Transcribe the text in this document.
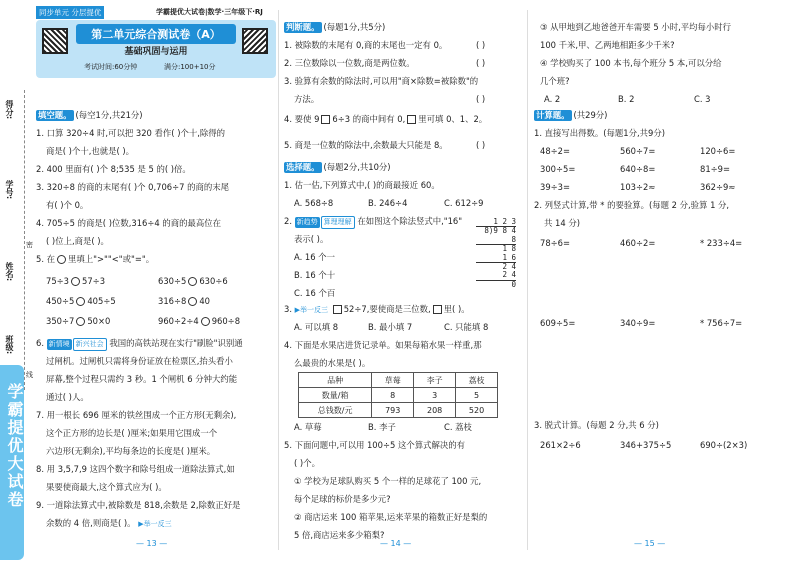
得分:
学号:
姓名:
班级:
密
线
学霸提优大试卷
同步单元 分层提优	学霸提优大试卷|数学·三年级下·RJ
第二单元综合测试卷（A）
基础巩固与运用
考试时间:60分钟	满分:100+10分
填空题。 (每空1分,共21分)
1. 口算 320÷4 时,可以把 320 看作( )个十,除得的
商是( )个十,也就是( )。
2. 400 里面有( )个 8;535 是 5 的( )倍。
3. 320÷8 的商的末尾有( )个 0,706÷7 的商的末尾
有( )个 0。
4. 705÷5 的商是( )位数,316÷4 的商的最高位在
( )位上,商是( )。
5. 在 里填上">""<"或"="。
75÷3 57÷3	630÷5 630÷6
450÷5 405÷5	316÷8 40
350÷7 50×0	960÷2÷4 960÷8
6. 新情境 新兴社会 我国的高铁站现在实行"刷脸"识别通
过闸机。过闸机只需将身份证放在检票区,抬头看小
屏幕,整个过程只需约 3 秒。1 个闸机 6 分钟大约能
通过( )人。
7. 用一根长 696 厘米的铁丝围成一个正方形(无剩余),
这个正方形的边长是( )厘米;如果用它围成一个
六边形(无剩余),平均每条边的长度是( )厘米。
8. 用 3,5,7,9 这四个数字和除号组成一道除法算式,如
果要使商最大,这个算式应为( )。
9. 一道除法算式中,被除数是 818,余数是 2,除数正好是
余数的 4 倍,则商是( )。 ▶举一反三
— 13 —
判断题。 (每题1分,共5分)
1. 被除数的末尾有 0,商的末尾也一定有 0。	( )
2. 三位数除以一位数,商是两位数。	( )
3. 验算有余数的除法时,可以用"商×除数=被除数"的
方法。	( )
4. 要使 9 6÷3 的商中间有 0, 里可填 0、1、2。
5. 商是一位数的除法中,余数最大只能是 8。	( )
选择题。 (每题2分,共10分)
1. 估一估,下列算式中,( )的商最接近 60。
A. 568÷8	B. 246÷4	C. 612÷9
2. 新趋势 算理理解 在如图这个除法竖式中,"16"
表示( )。
A. 16 个一
B. 16 个十
C. 16 个百
1 2 3
8)9 8 4
8
1 8
1 6
2 4
2 4
0
3. ▶举一反三 52÷7,要使商是三位数, 里( )。
A. 可以填 8	B. 最小填 7	C. 只能填 8
4. 下面是水果店进货记录单。如果每箱水果一样重,那
么最贵的水果是( )。
品种	草莓	李子	荔枝
数量/箱	8	3	5
总钱数/元	793	208	520
A. 草莓	B. 李子	C. 荔枝
5. 下面问题中,可以用 100÷5 这个算式解决的有
( )个。
① 学校为足球队购买 5 个一样的足球花了 100 元,
每个足球的标价是多少元?
② 商店运来 100 箱苹果,运来苹果的箱数正好是梨的
5 倍,商店运来多少箱梨?
— 14 —
③ 从甲地到乙地爸爸开车需要 5 小时,平均每小时行
100 千米,甲、乙两地相距多少千米?
④ 学校购买了 100 本书,每个班分 5 本,可以分给
几个班?
A. 2	B. 2	C. 3
计算题。 (共29分)
1. 直接写出得数。(每题1分,共9分)
48÷2=	560÷7=	120÷6=
300÷5=	640÷8=	81÷9=
39÷3=	103÷2≈	362÷9≈
2. 列竖式计算,带 * 的要验算。(每题 2 分,验算 1 分,
共 14 分)
78÷6=	460÷2=	* 233÷4=
609÷5=	340÷9=	* 756÷7=
3. 脱式计算。(每题 2 分,共 6 分)
261×2÷6	346+375÷5	690÷(2×3)
— 15 —
